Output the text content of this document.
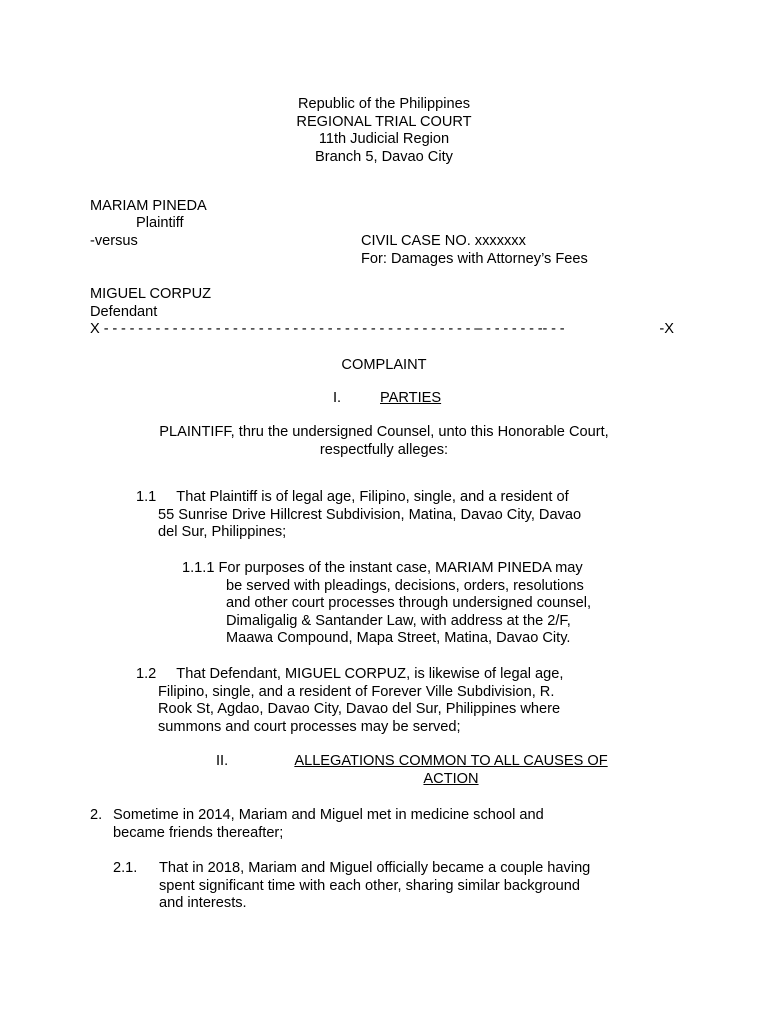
Republic of the Philippines
REGIONAL TRIAL COURT
11th Judicial Region
Branch 5, Davao City
MARIAM PINEDA
Plaintiff
-versus	CIVIL CASE NO. xxxxxxx
For: Damages with Attorney’s Fees
MIGUEL CORPUZ
Defendant
X - - - - - - - - - - - - - - - - - - - - - - - - - - - - - - - - - - - - - - - - - - - – - - - - - - -- - -	-X
COMPLAINT
I.	PARTIES
PLAINTIFF, thru the undersigned Counsel, unto this Honorable Court,
respectfully alleges:
1.1     That Plaintiff is of legal age, Filipino, single, and a resident of
55 Sunrise Drive Hillcrest Subdivision, Matina, Davao City, Davao
del Sur, Philippines;
1.1.1 For purposes of the instant case, MARIAM PINEDA may
be served with pleadings, decisions, orders, resolutions
and other court processes through undersigned counsel,
Dimaligalig & Santander Law, with address at the 2/F,
Maawa Compound, Mapa Street, Matina, Davao City.
1.2     That Defendant, MIGUEL CORPUZ, is likewise of legal age,
Filipino, single, and a resident of Forever Ville Subdivision, R.
Rook St, Agdao, Davao City, Davao del Sur, Philippines where
summons and court processes may be served;
II.	ALLEGATIONS COMMON TO ALL CAUSES OF
ACTION
2. Sometime in 2014, Mariam and Miguel met in medicine school and
became friends thereafter;
2.1. That in 2018, Mariam and Miguel officially became a couple having
spent significant time with each other, sharing similar background
and interests.
